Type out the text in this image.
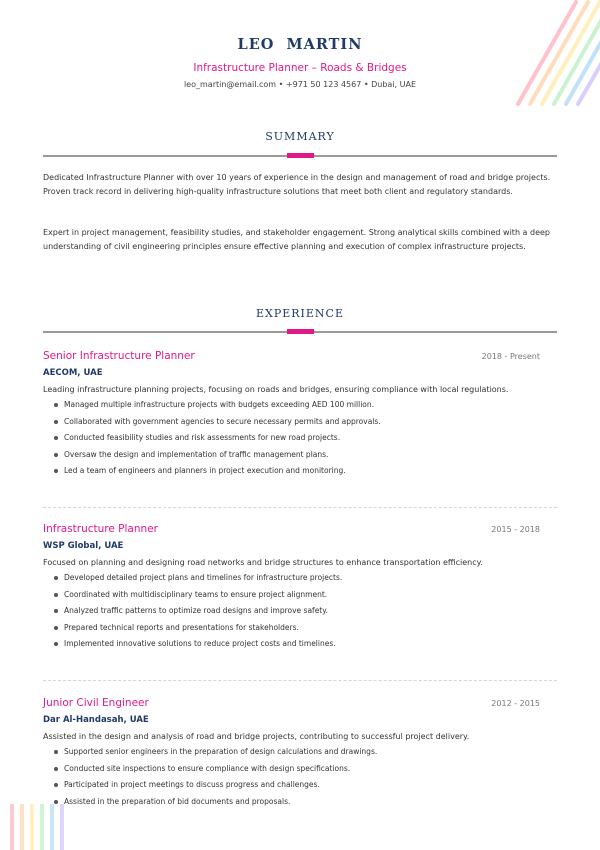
LEO  MARTIN
Infrastructure Planner – Roads & Bridges
leo_martin@email.com • +971 50 123 4567 • Dubai, UAE
SUMMARY
Dedicated Infrastructure Planner with over 10 years of experience in the design and management of road and bridge projects. Proven track record in delivering high-quality infrastructure solutions that meet both client and regulatory standards.
Expert in project management, feasibility studies, and stakeholder engagement. Strong analytical skills combined with a deep understanding of civil engineering principles ensure effective planning and execution of complex infrastructure projects.
EXPERIENCE
Senior Infrastructure Planner	2018 - Present
AECOM, UAE
Leading infrastructure planning projects, focusing on roads and bridges, ensuring compliance with local regulations.
Managed multiple infrastructure projects with budgets exceeding AED 100 million.
Collaborated with government agencies to secure necessary permits and approvals.
Conducted feasibility studies and risk assessments for new road projects.
Oversaw the design and implementation of traffic management plans.
Led a team of engineers and planners in project execution and monitoring.
Infrastructure Planner	2015 - 2018
WSP Global, UAE
Focused on planning and designing road networks and bridge structures to enhance transportation efficiency.
Developed detailed project plans and timelines for infrastructure projects.
Coordinated with multidisciplinary teams to ensure project alignment.
Analyzed traffic patterns to optimize road designs and improve safety.
Prepared technical reports and presentations for stakeholders.
Implemented innovative solutions to reduce project costs and timelines.
Junior Civil Engineer	2012 - 2015
Dar Al-Handasah, UAE
Assisted in the design and analysis of road and bridge projects, contributing to successful project delivery.
Supported senior engineers in the preparation of design calculations and drawings.
Conducted site inspections to ensure compliance with design specifications.
Participated in project meetings to discuss progress and challenges.
Assisted in the preparation of bid documents and proposals.
